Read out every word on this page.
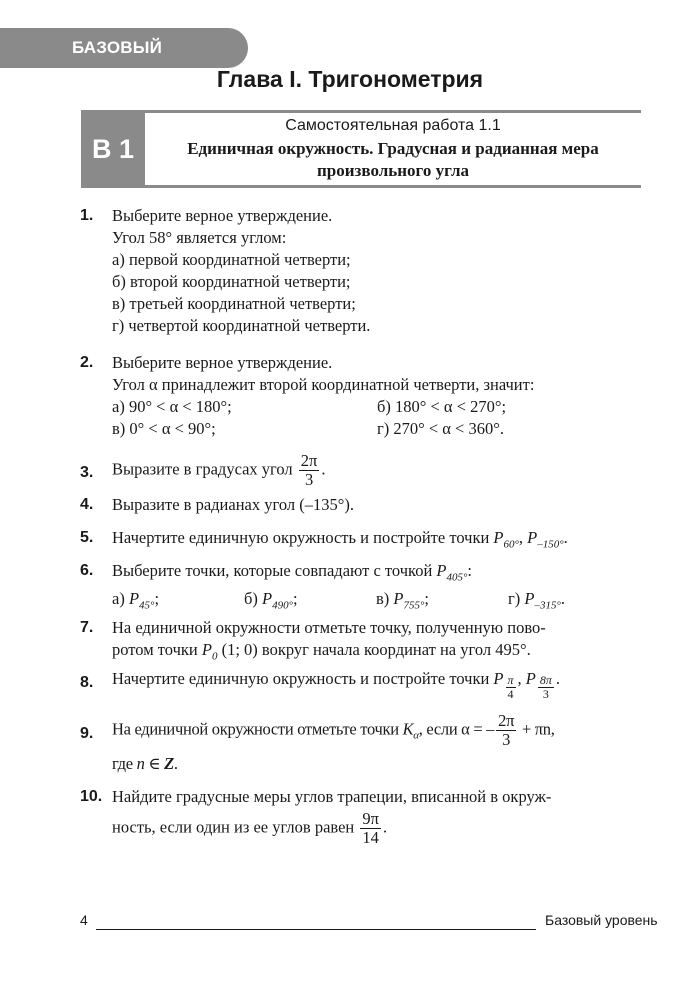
БАЗОВЫЙ УРОВЕНЬ	Глава I. Тригонометрия
В 1
Самостоятельная работа 1.1
Единичная окружность. Градусная и радианная мера
произвольного угла
1.	Выберите верное утверждение.
Угол 58° является углом:
а) первой координатной четверти;
б) второй координатной четверти;
в) третьей координатной четверти;
г) четвертой координатной четверти.
2.	Выберите верное утверждение.
Угол α принадлежит второй координатной четверти, значит:
а) 90° < α < 180°;	б) 180° < α < 270°;
в) 0° < α < 90°;	г) 270° < α < 360°.
3.	Выразите в градусах угол $\frac{2\pi}{3}$ .
4.	Выразите в радианах угол (–135°).
5.	Начертите единичную окружность и постройте точки $P_{60^\circ}$, $P_{-150^\circ}$.
6.	Выберите точки, которые совпадают с точкой $P_{405^\circ}$:
а) $P_{45^\circ}$;	б) $P_{490^\circ}$;	в) $P_{755^\circ}$;	г) $P_{-315^\circ}$.
7.	На единичной окружности отметьте точку, полученную пово-
ротом точки $P_0$ (1; 0) вокруг начала координат на угол 495°.
8.	Начертите единичную окружность и постройте точки P $\frac{\pi}{4}$ , P $\frac{8\pi}{3}$ .
9.	На единичной окружности отметьте точки $K_\alpha$, если α = – $\frac{2\pi}{3} + \pi n$,
где n ∈ Z.
10. Найдите градусные меры углов трапеции, вписанной в окруж-
ность, если один из ее углов равен $\frac{9\pi}{14}$ .
4	Базовый уровень
